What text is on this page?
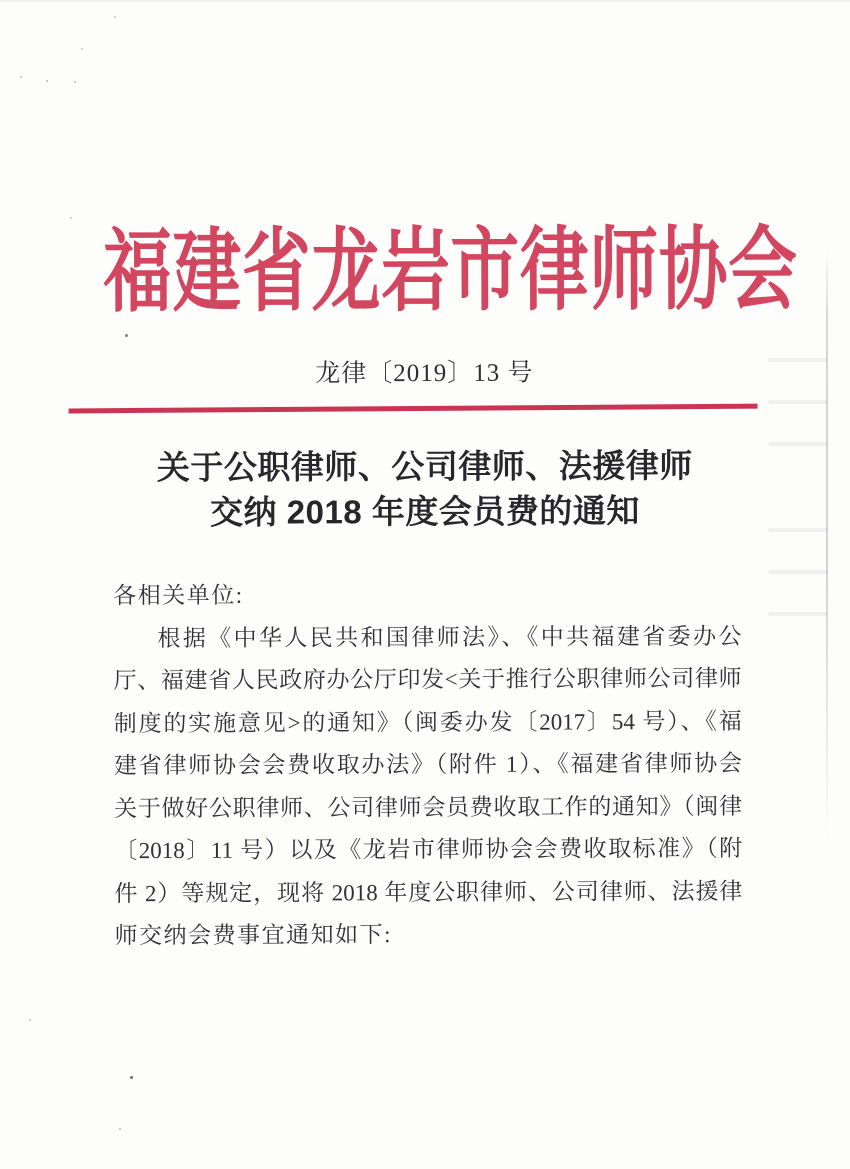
福建省龙岩市律师协会
龙律〔2019〕13 号
关于公职律师、公司律师、法援律师
交纳 2018 年度会员费的通知
各相关单位:
根据《中华人民共和国律师法》、《中共福建省委办公
厅、福建省人民政府办公厅印发<关于推行公职律师公司律师
制度的实施意见>的通知》（闽委办发〔2017〕54 号）、《福
建省律师协会会费收取办法》（附件 1）、《福建省律师协会
关于做好公职律师、公司律师会员费收取工作的通知》（闽律
〔2018〕11 号）以及《龙岩市律师协会会费收取标准》（附
件 2）等规定，现将 2018 年度公职律师、公司律师、法援律
师交纳会费事宜通知如下:
